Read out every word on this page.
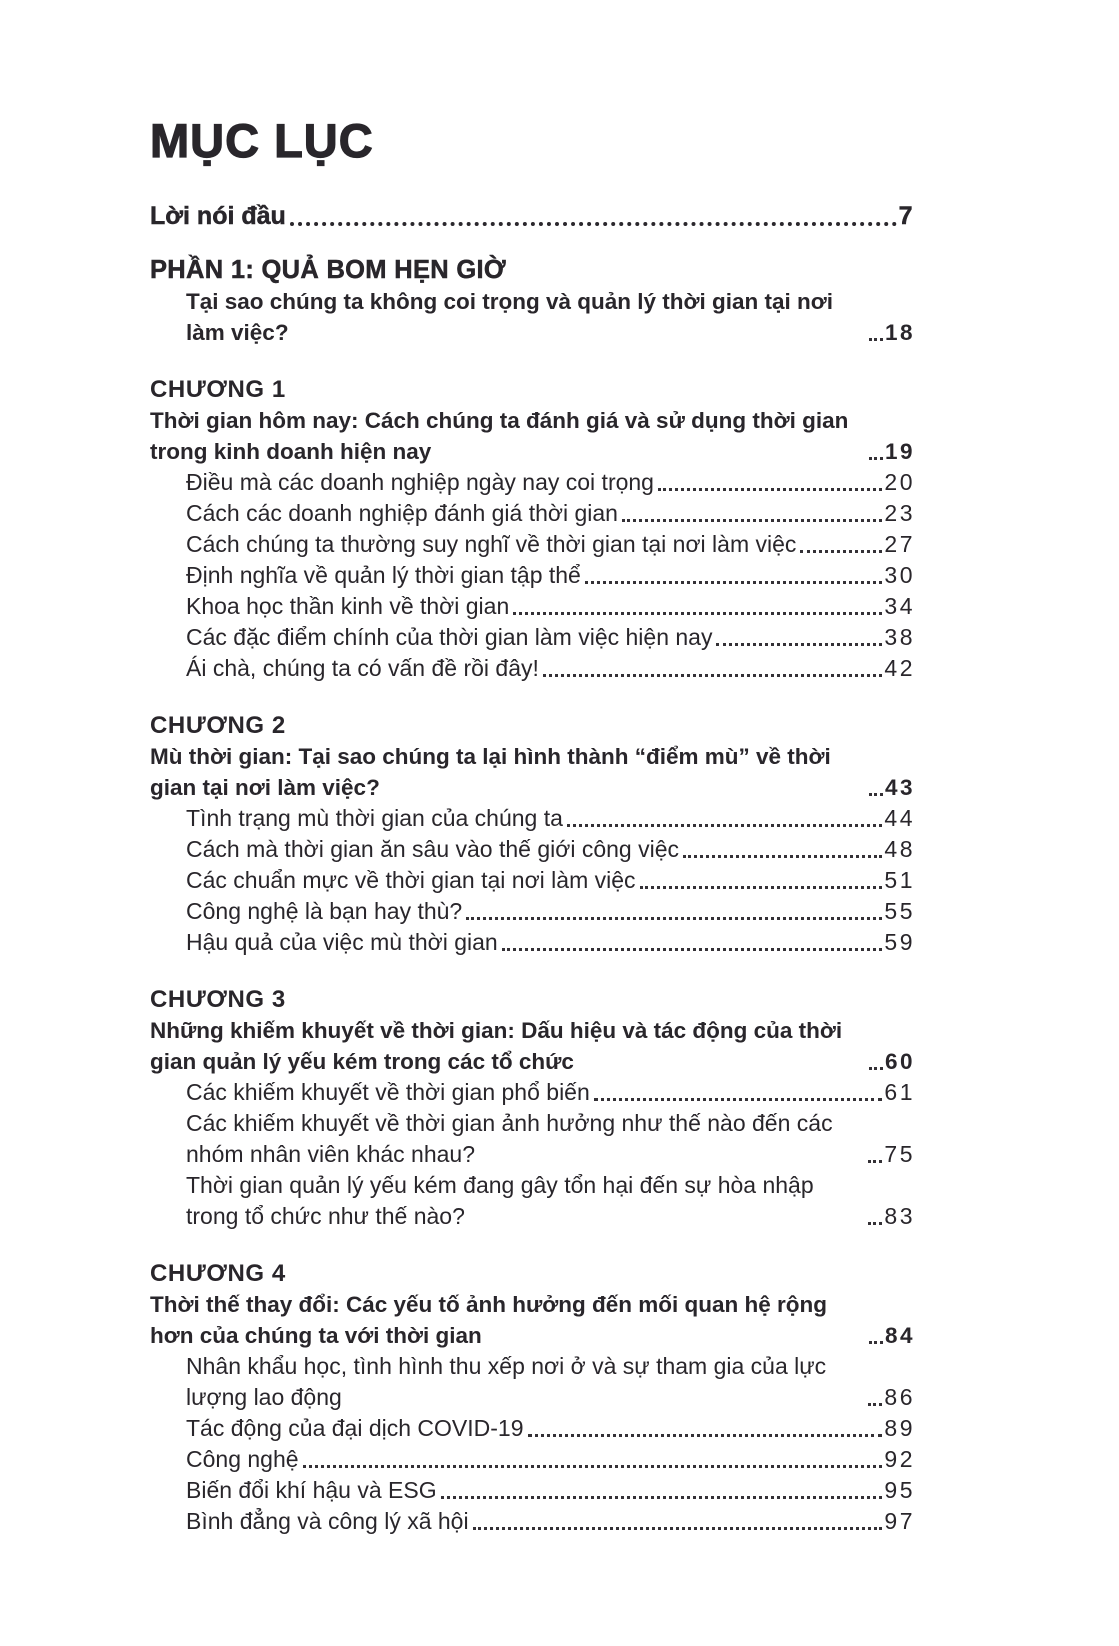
MỤC LỤC
Lời nói đầu	7
PHẦN 1: QUẢ BOM HẸN GIỜ
Tại sao chúng ta không coi trọng và quản lý thời gian tại nơi làm việc?	18
CHƯƠNG 1
Thời gian hôm nay: Cách chúng ta đánh giá và sử dụng thời gian trong kinh doanh hiện nay	19
Điều mà các doanh nghiệp ngày nay coi trọng	20
Cách các doanh nghiệp đánh giá thời gian	23
Cách chúng ta thường suy nghĩ về thời gian tại nơi làm việc	27
Định nghĩa về quản lý thời gian tập thể	30
Khoa học thần kinh về thời gian	34
Các đặc điểm chính của thời gian làm việc hiện nay	38
Ái chà, chúng ta có vấn đề rồi đây!	42
CHƯƠNG 2
Mù thời gian: Tại sao chúng ta lại hình thành “điểm mù” về thời gian tại nơi làm việc?	43
Tình trạng mù thời gian của chúng ta	44
Cách mà thời gian ăn sâu vào thế giới công việc	48
Các chuẩn mực về thời gian tại nơi làm việc	51
Công nghệ là bạn hay thù?	55
Hậu quả của việc mù thời gian	59
CHƯƠNG 3
Những khiếm khuyết về thời gian: Dấu hiệu và tác động của thời gian quản lý yếu kém trong các tổ chức	60
Các khiếm khuyết về thời gian phổ biến	61
Các khiếm khuyết về thời gian ảnh hưởng như thế nào đến các nhóm nhân viên khác nhau?	75
Thời gian quản lý yếu kém đang gây tổn hại đến sự hòa nhập trong tổ chức như thế nào?	83
CHƯƠNG 4
Thời thế thay đổi: Các yếu tố ảnh hưởng đến mối quan hệ rộng hơn của chúng ta với thời gian	84
Nhân khẩu học, tình hình thu xếp nơi ở và sự tham gia của lực lượng lao động	86
Tác động của đại dịch COVID-19	89
Công nghệ	92
Biến đổi khí hậu và ESG	95
Bình đẳng và công lý xã hội	97
